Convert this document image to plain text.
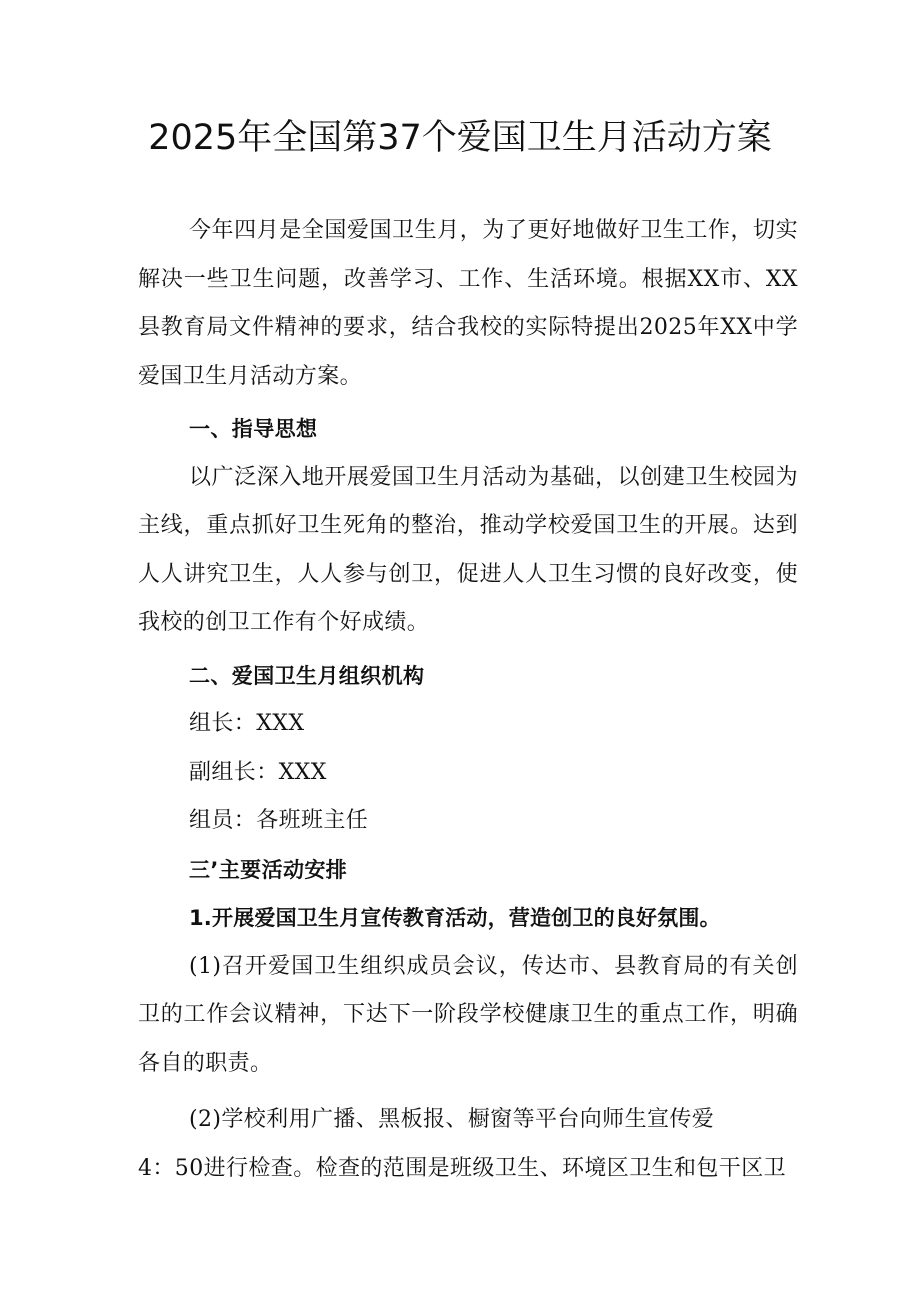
2025年全国第37个爱国卫生月活动方案

今年四月是全国爱国卫生月，为了更好地做好卫生工作，切实解决一些卫生问题，改善学习、工作、生活环境。根据XX市、XX县教育局文件精神的要求，结合我校的实际特提出2025年XX中学爱国卫生月活动方案。

一、指导思想

以广泛深入地开展爱国卫生月活动为基础，以创建卫生校园为主线，重点抓好卫生死角的整治，推动学校爱国卫生的开展。达到人人讲究卫生，人人参与创卫，促进人人卫生习惯的良好改变，使我校的创卫工作有个好成绩。

二、爱国卫生月组织机构

组长：XXX

副组长：XXX

组员：各班班主任

三’主要活动安排

1.开展爱国卫生月宣传教育活动，营造创卫的良好氛围。

(1)召开爱国卫生组织成员会议，传达市、县教育局的有关创卫的工作会议精神，下达下一阶段学校健康卫生的重点工作，明确各自的职责。

(2)学校利用广播、黑板报、橱窗等平台向师生宣传爱

4：50进行检查。检查的范围是班级卫生、环境区卫生和包干区卫
